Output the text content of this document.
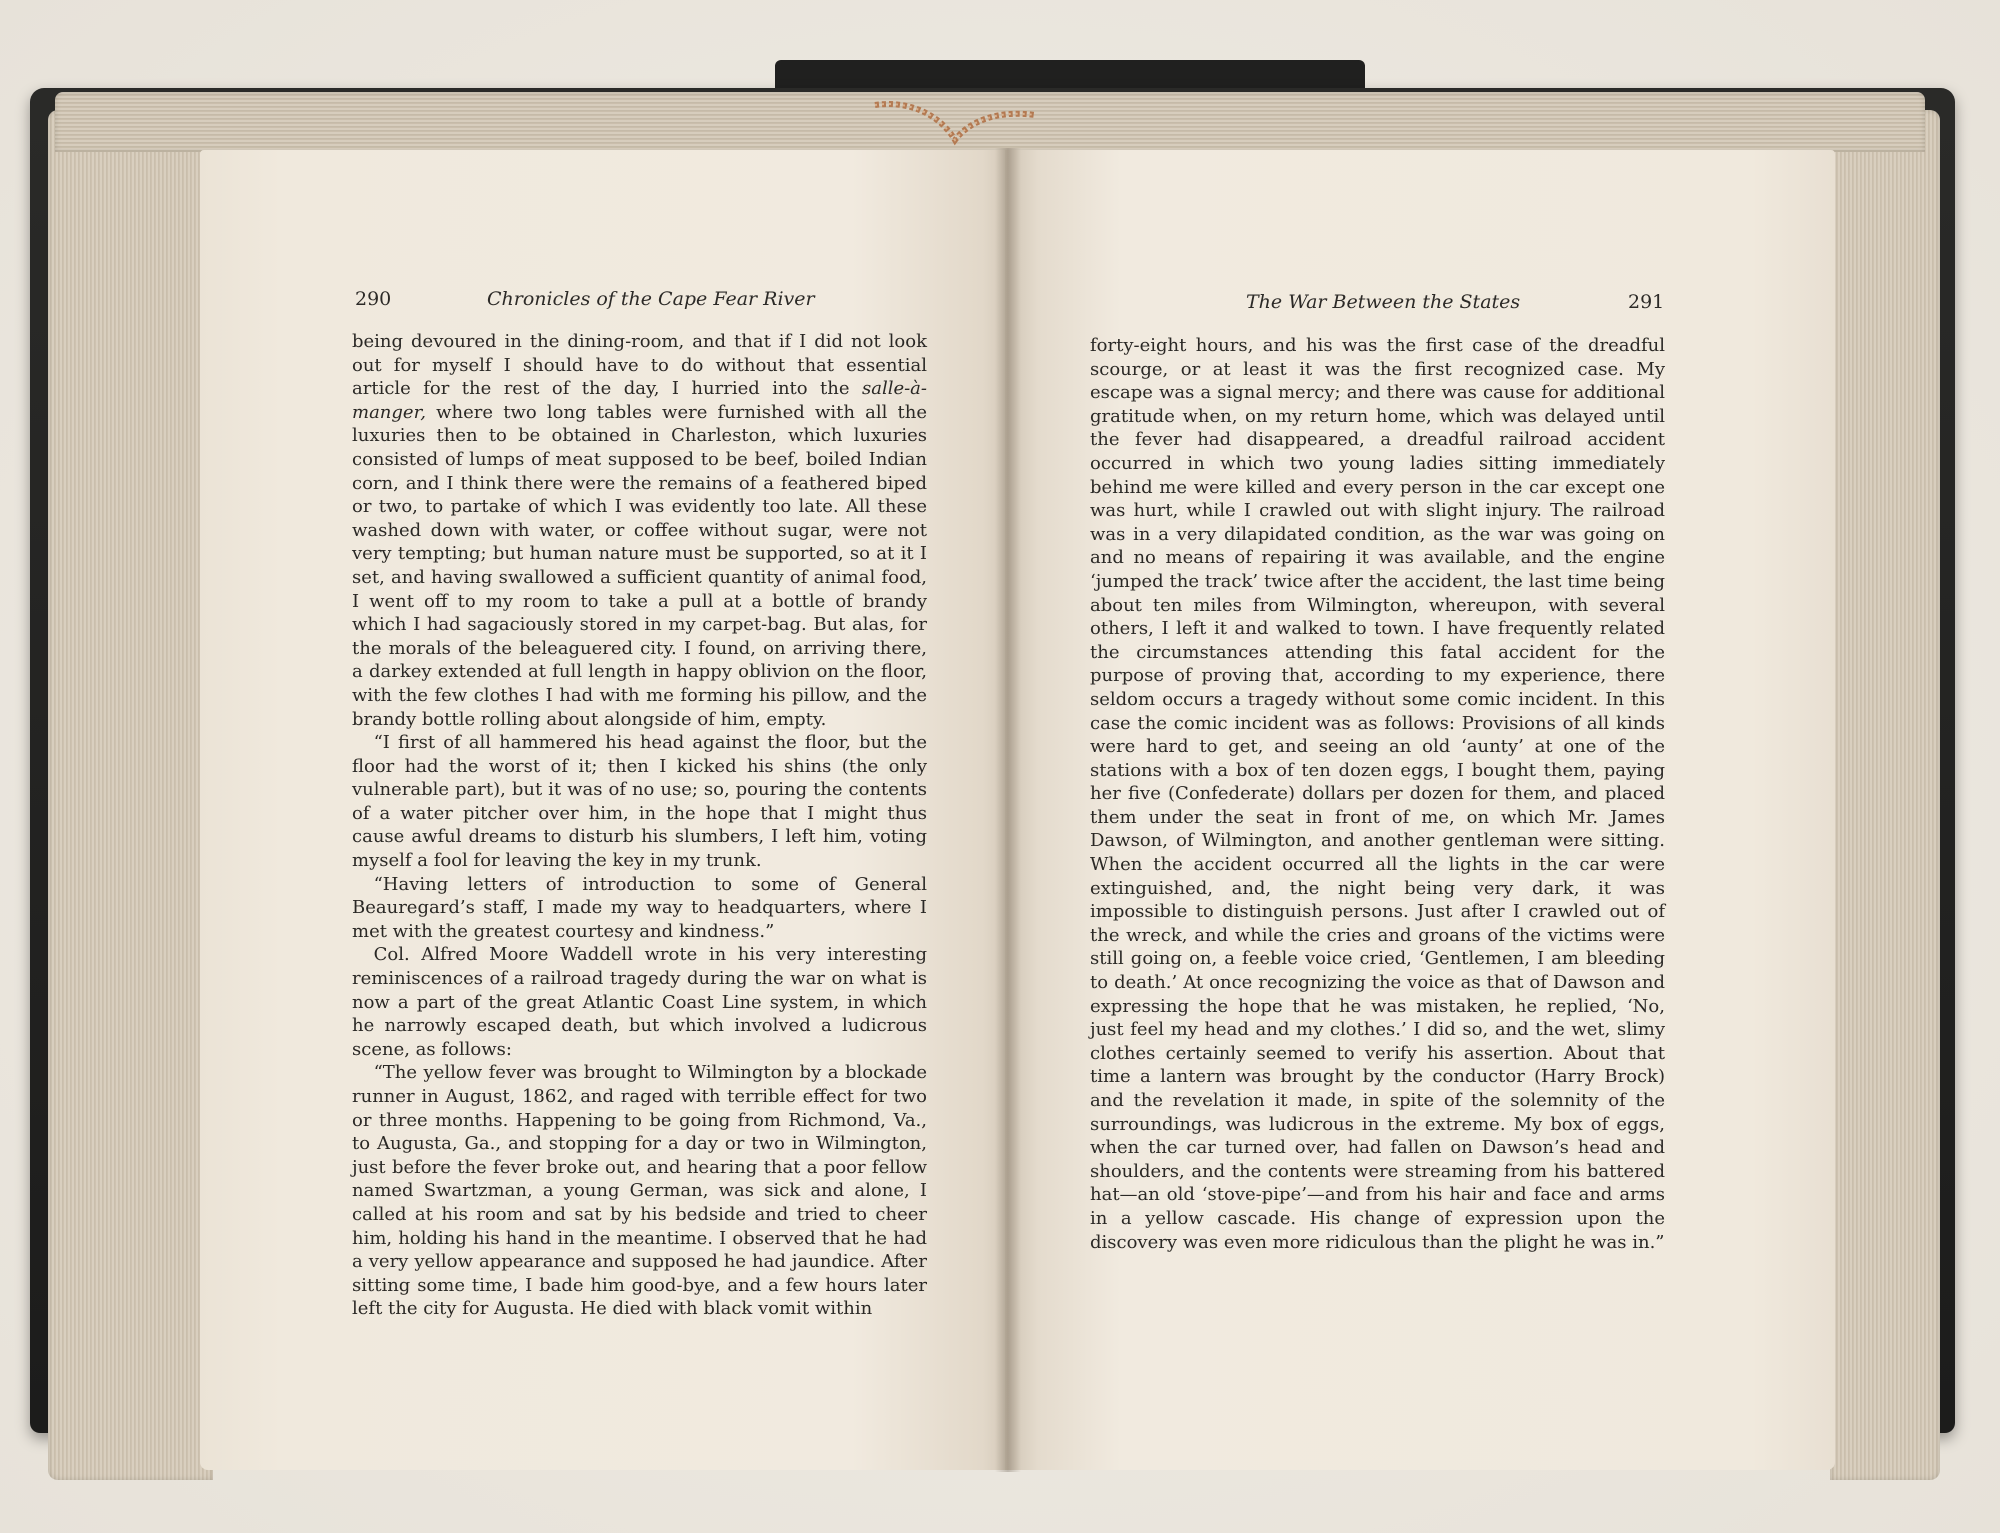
290	Chronicles of the Cape Fear River

being devoured in the dining-room, and that if I did not look out for myself I should have to do without that essential article for the rest of the day, I hurried into the salle-à-manger, where two long tables were furnished with all the luxuries then to be obtained in Charleston, which luxuries consisted of lumps of meat supposed to be beef, boiled Indian corn, and I think there were the remains of a feathered biped or two, to partake of which I was evidently too late. All these washed down with water, or coffee without sugar, were not very tempting; but human nature must be supported, so at it I set, and having swallowed a sufficient quantity of animal food, I went off to my room to take a pull at a bottle of brandy which I had sagaciously stored in my carpet-bag. But alas, for the morals of the beleaguered city. I found, on arriving there, a darkey extended at full length in happy oblivion on the floor, with the few clothes I had with me forming his pillow, and the brandy bottle rolling about alongside of him, empty.

“I first of all hammered his head against the floor, but the floor had the worst of it; then I kicked his shins (the only vulnerable part), but it was of no use; so, pouring the contents of a water pitcher over him, in the hope that I might thus cause awful dreams to disturb his slumbers, I left him, voting myself a fool for leaving the key in my trunk.

“Having letters of introduction to some of General Beauregard’s staff, I made my way to headquarters, where I met with the greatest courtesy and kindness.”

Col. Alfred Moore Waddell wrote in his very interesting reminiscences of a railroad tragedy during the war on what is now a part of the great Atlantic Coast Line system, in which he narrowly escaped death, but which involved a ludicrous scene, as follows:

“The yellow fever was brought to Wilmington by a blockade runner in August, 1862, and raged with terrible effect for two or three months. Happening to be going from Richmond, Va., to Augusta, Ga., and stopping for a day or two in Wilmington, just before the fever broke out, and hearing that a poor fellow named Swartzman, a young German, was sick and alone, I called at his room and sat by his bedside and tried to cheer him, holding his hand in the meantime. I observed that he had a very yellow appearance and supposed he had jaundice. After sitting some time, I bade him good-bye, and a few hours later left the city for Augusta. He died with black vomit within

The War Between the States	291

forty-eight hours, and his was the first case of the dreadful scourge, or at least it was the first recognized case. My escape was a signal mercy; and there was cause for additional gratitude when, on my return home, which was delayed until the fever had disappeared, a dreadful railroad accident occurred in which two young ladies sitting immediately behind me were killed and every person in the car except one was hurt, while I crawled out with slight injury. The railroad was in a very dilapidated condition, as the war was going on and no means of repairing it was available, and the engine ‘jumped the track’ twice after the accident, the last time being about ten miles from Wilmington, whereupon, with several others, I left it and walked to town. I have frequently related the circumstances attending this fatal accident for the purpose of proving that, according to my experience, there seldom occurs a tragedy without some comic incident. In this case the comic incident was as follows: Provisions of all kinds were hard to get, and seeing an old ‘aunty’ at one of the stations with a box of ten dozen eggs, I bought them, paying her five (Confederate) dollars per dozen for them, and placed them under the seat in front of me, on which Mr. James Dawson, of Wilmington, and another gentleman were sitting. When the accident occurred all the lights in the car were extinguished, and, the night being very dark, it was impossible to distinguish persons. Just after I crawled out of the wreck, and while the cries and groans of the victims were still going on, a feeble voice cried, ‘Gentlemen, I am bleeding to death.’ At once recognizing the voice as that of Dawson and expressing the hope that he was mistaken, he replied, ‘No, just feel my head and my clothes.’ I did so, and the wet, slimy clothes certainly seemed to verify his assertion. About that time a lantern was brought by the conductor (Harry Brock) and the revelation it made, in spite of the solemnity of the surroundings, was ludicrous in the extreme. My box of eggs, when the car turned over, had fallen on Dawson’s head and shoulders, and the contents were streaming from his battered hat—an old ‘stove-pipe’—and from his hair and face and arms in a yellow cascade. His change of expression upon the discovery was even more ridiculous than the plight he was in.”
